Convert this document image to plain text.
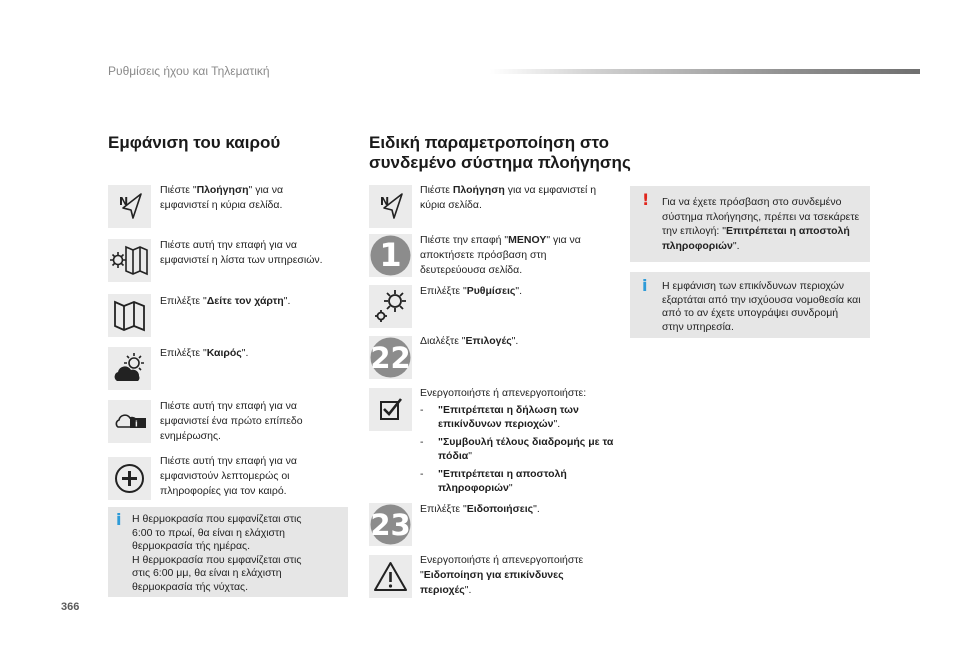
Ρυθμίσεις ήχου και Τηλεματική
Εμφάνιση του καιρού
N
Πιέστε "Πλοήγηση" για να εμφανιστεί η κύρια σελίδα.
Πιέστε αυτή την επαφή για να εμφανιστεί η λίστα των υπηρεσιών.
Επιλέξτε "Δείτε τον χάρτη".
Επιλέξτε "Καιρός".
i
Πιέστε αυτή την επαφή για να εμφανιστεί ένα πρώτο επίπεδο ενημέρωσης.
Πιέστε αυτή την επαφή για να εμφανιστούν λεπτομερώς οι πληροφορίες για τον καιρό.
i Η θερμοκρασία που εμφανίζεται στις
6:00 το πρωί, θα είναι η ελάχιστη
θερμοκρασία τής ημέρας.
Η θερμοκρασία που εμφανίζεται στις
στις 6:00 μμ, θα είναι η ελάχιστη
θερμοκρασία τής νύχτας.
Ειδική παραμετροποίηση στο
συνδεμένο σύστημα πλοήγησης
N
Πιέστε Πλοήγηση για να εμφανιστεί η κύρια σελίδα.
1	Πιέστε την επαφή "ΜΕΝΟΥ" για να αποκτήσετε πρόσβαση στη δευτερεύουσα σελίδα.
Επιλέξτε "Ρυθμίσεις".
22 Διαλέξτε "Επιλογές".
Ενεργοποιήστε ή απενεργοποιήστε:
- "Επιτρέπεται η δήλωση των επικίνδυνων περιοχών".
- "Συμβουλή τέλους διαδρομής με τα πόδια"
- "Επιτρέπεται η αποστολή πληροφοριών"
23 Επιλέξτε "Ειδοποιήσεις".
Ενεργοποιήστε ή απενεργοποιήστε "Ειδοποίηση για επικίνδυνες περιοχές".
! Για να έχετε πρόσβαση στο συνδεμένο σύστημα πλοήγησης, πρέπει να τσεκάρετε την επιλογή: "Επιτρέπεται η αποστολή πληροφοριών".
i Η εμφάνιση των επικίνδυνων περιοχών εξαρτάται από την ισχύουσα νομοθεσία και από το αν έχετε υπογράψει συνδρομή στην υπηρεσία.
366
